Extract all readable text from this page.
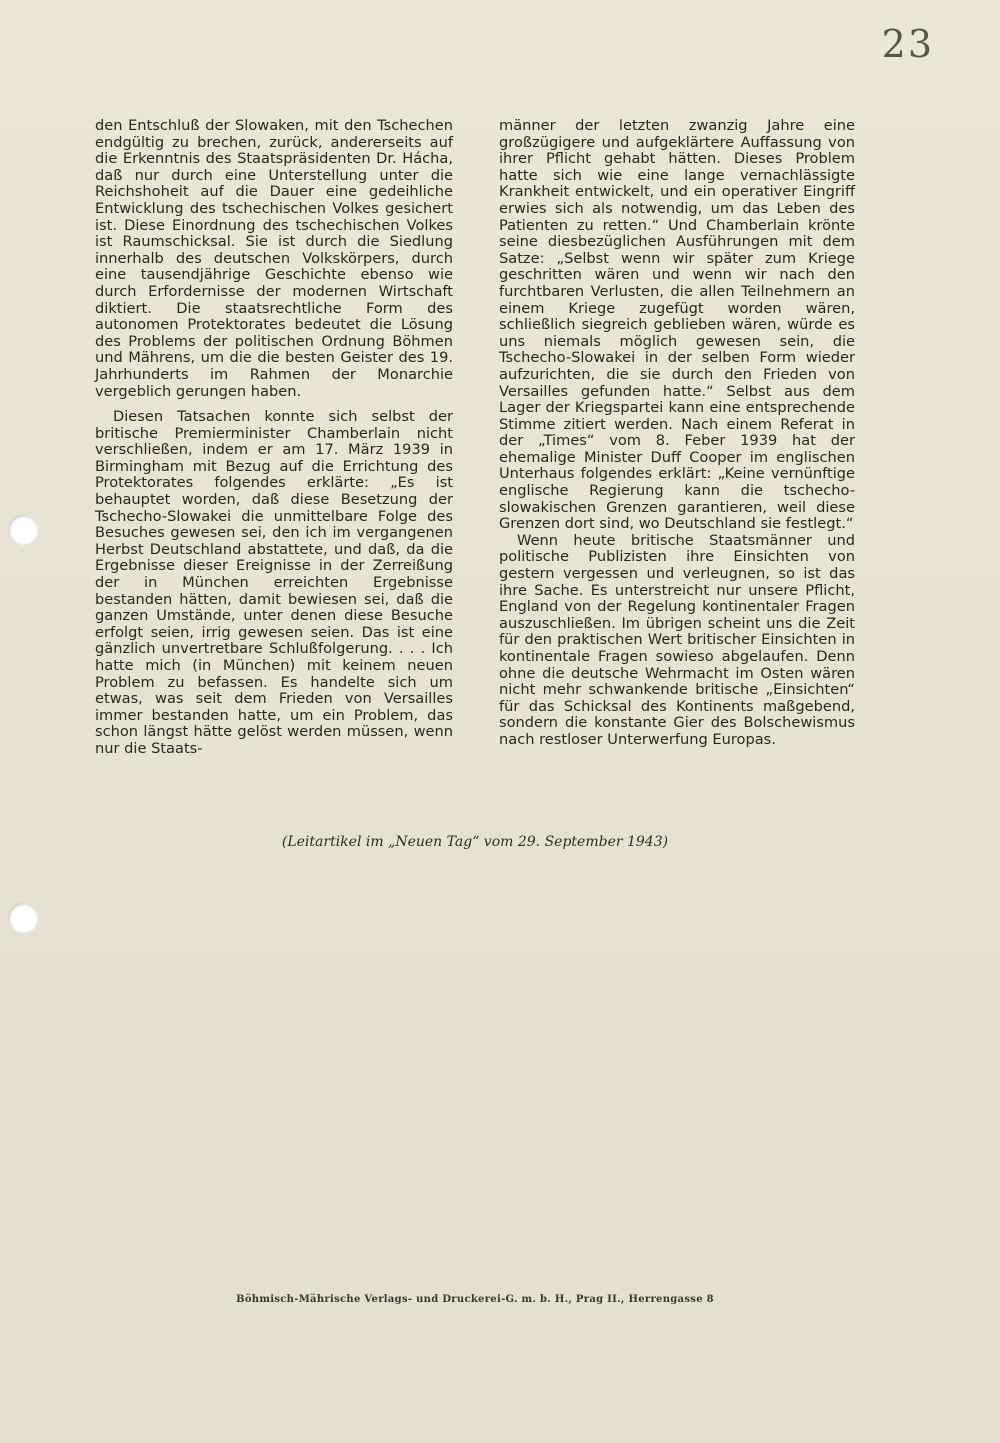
23

den Entschluß der Slowaken, mit den Tschechen endgültig zu brechen, zurück, andererseits auf die Erkenntnis des Staatspräsidenten Dr. Hácha, daß nur durch eine Unterstellung unter die Reichshoheit auf die Dauer eine gedeihliche Entwicklung des tschechischen Volkes gesichert ist. Diese Einordnung des tschechischen Volkes ist Raumschicksal. Sie ist durch die Siedlung innerhalb des deutschen Volkskörpers, durch eine tausendjährige Geschichte ebenso wie durch Erfordernisse der modernen Wirtschaft diktiert. Die staatsrechtliche Form des autonomen Protektorates bedeutet die Lösung des Problems der politischen Ordnung Böhmen und Mährens, um die die besten Geister des 19. Jahrhunderts im Rahmen der Monarchie vergeblich gerungen haben.

Diesen Tatsachen konnte sich selbst der britische Premierminister Chamberlain nicht verschließen, indem er am 17. März 1939 in Birmingham mit Bezug auf die Errichtung des Protektorates folgendes erklärte: „Es ist behauptet worden, daß diese Besetzung der Tschecho-Slowakei die unmittelbare Folge des Besuches gewesen sei, den ich im vergangenen Herbst Deutschland abstattete, und daß, da die Ergebnisse dieser Ereignisse in der Zerreißung der in München erreichten Ergebnisse bestanden hätten, damit bewiesen sei, daß die ganzen Umstände, unter denen diese Besuche erfolgt seien, irrig gewesen seien. Das ist eine gänzlich unvertretbare Schlußfolgerung. . . . Ich hatte mich (in München) mit keinem neuen Problem zu befassen. Es handelte sich um etwas, was seit dem Frieden von Versailles immer bestanden hatte, um ein Problem, das schon längst hätte gelöst werden müssen, wenn nur die Staats-

männer der letzten zwanzig Jahre eine großzügigere und aufgeklärtere Auffassung von ihrer Pflicht gehabt hätten. Dieses Problem hatte sich wie eine lange vernachlässigte Krankheit entwickelt, und ein operativer Eingriff erwies sich als notwendig, um das Leben des Patienten zu retten.“ Und Chamberlain krönte seine diesbezüglichen Ausführungen mit dem Satze: „Selbst wenn wir später zum Kriege geschritten wären und wenn wir nach den furchtbaren Verlusten, die allen Teilnehmern an einem Kriege zugefügt worden wären, schließlich siegreich geblieben wären, würde es uns niemals möglich gewesen sein, die Tschecho-Slowakei in der selben Form wieder aufzurichten, die sie durch den Frieden von Versailles gefunden hatte.“ Selbst aus dem Lager der Kriegspartei kann eine entsprechende Stimme zitiert werden. Nach einem Referat in der „Times“ vom 8. Feber 1939 hat der ehemalige Minister Duff Cooper im englischen Unterhaus folgendes erklärt: „Keine vernünftige englische Regierung kann die tschecho-slowakischen Grenzen garantieren, weil diese Grenzen dort sind, wo Deutschland sie festlegt.“

Wenn heute britische Staatsmänner und politische Publizisten ihre Einsichten von gestern vergessen und verleugnen, so ist das ihre Sache. Es unterstreicht nur unsere Pflicht, England von der Regelung kontinentaler Fragen auszuschließen. Im übrigen scheint uns die Zeit für den praktischen Wert britischer Einsichten in kontinentale Fragen sowieso abgelaufen. Denn ohne die deutsche Wehrmacht im Osten wären nicht mehr schwankende britische „Einsichten“ für das Schicksal des Kontinents maßgebend, sondern die konstante Gier des Bolschewismus nach restloser Unterwerfung Europas.

(Leitartikel im „Neuen Tag“ vom 29. September 1943)
Böhmisch-Mährische Verlags- und Druckerei-G. m. b. H., Prag II., Herrengasse 8
